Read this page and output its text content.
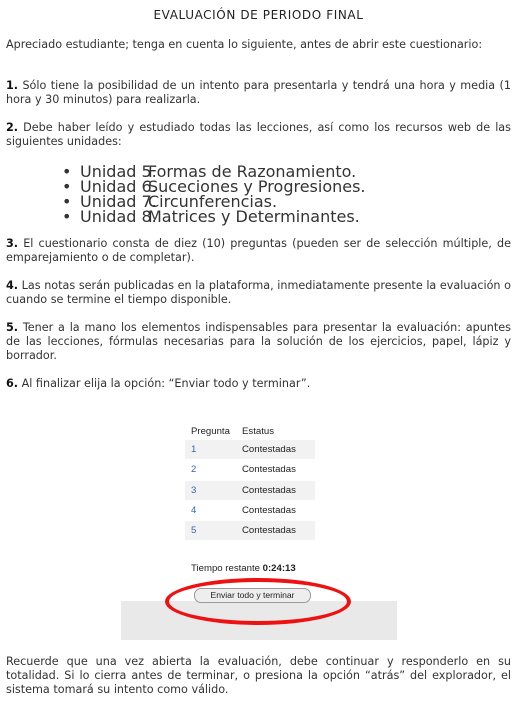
EVALUACIÓN DE PERIODO FINAL

Apreciado estudiante; tenga en cuenta lo siguiente, antes de abrir este cuestionario:

1. Sólo tiene la posibilidad de un intento para presentarla y tendrá una hora y media (1 hora y 30 minutos) para realizarla.

2. Debe haber leído y estudiado todas las lecciones, así como los recursos web de las siguientes unidades:

3. El cuestionario consta de diez (10) preguntas (pueden ser de selección múltiple, de emparejamiento o de completar).

4. Las notas serán publicadas en la plataforma, inmediatamente presente la evaluación o cuando se termine el tiempo disponible.

5. Tener a la mano los elementos indispensables para presentar la evaluación: apuntes de las lecciones, fórmulas necesarias para la solución de los ejercicios, papel, lápiz y borrador.

6. Al finalizar elija la opción: “Enviar todo y terminar”.

Recuerde que una vez abierta la evaluación, debe continuar y responderlo en su totalidad. Si lo cierra antes de terminar, o presiona la opción “atrás” del explorador, el sistema tomará su intento como válido.

• Unidad 5.Formas de Razonamiento.
• Unidad 6.Suceciones y Progresiones.
• Unidad 7.Circunferencias.
• Unidad 8.Matrices y Determinantes.
Pregunta Estatus
1	Contestadas
2	Contestadas
3	Contestadas
4	Contestadas
5	Contestadas
Tiempo restante 0:24:13
Enviar todo y terminar
